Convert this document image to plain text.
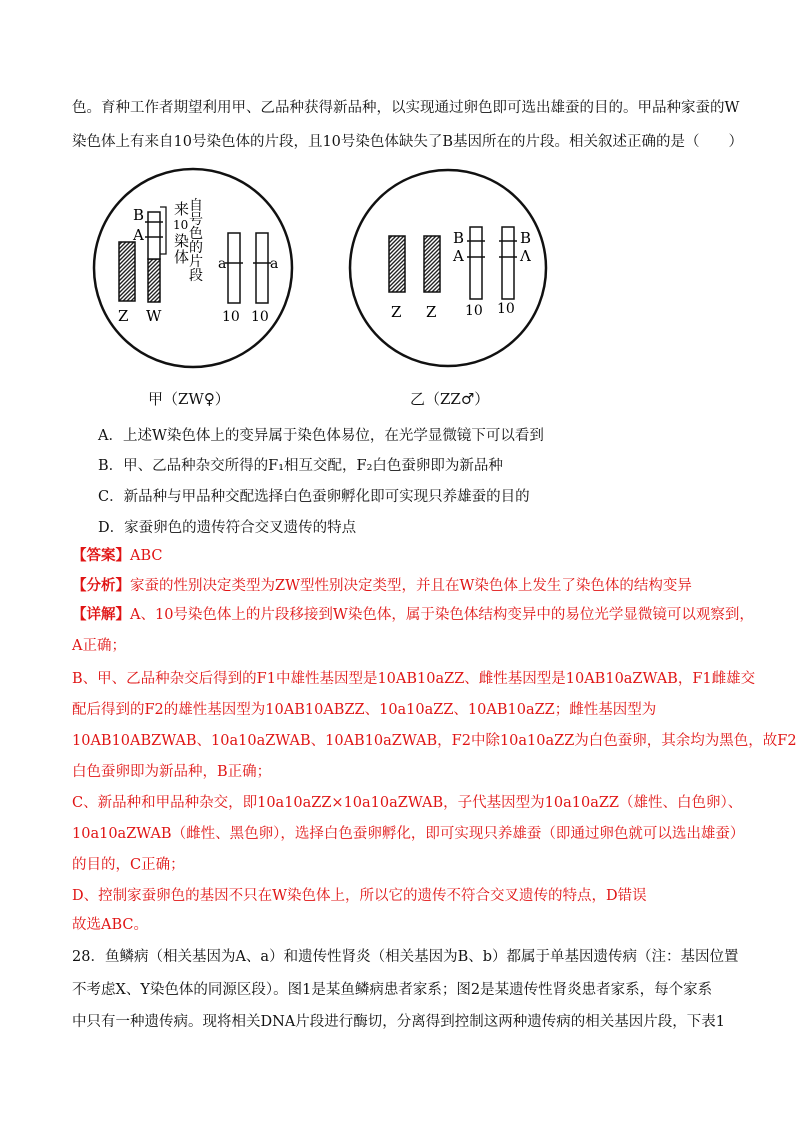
色。育种工作者期望利用甲、乙品种获得新品种，以实现通过卵色即可选出雄蚕的目的。甲品种家蚕的W
染色体上有来自10号染色体的片段，且10号染色体缺失了B基因所在的片段。相关叙述正确的是（　　）
B
A
a	a
Z W	10 10
来
10
染
体
自
号
色
的
片
段
B
A
B
Λ
Z Z 10 10
甲（ZW♀）	乙（ZZ♂）
A．上述W染色体上的变异属于染色体易位，在光学显微镜下可以看到
B．甲、乙品种杂交所得的F₁相互交配，F₂白色蚕卵即为新品种
C．新品种与甲品种交配选择白色蚕卵孵化即可实现只养雄蚕的目的
D．家蚕卵色的遗传符合交叉遗传的特点
【答案】ABC
【分析】家蚕的性别决定类型为ZW型性别决定类型，并且在W染色体上发生了染色体的结构变异
【详解】A、10号染色体上的片段移接到W染色体，属于染色体结构变异中的易位光学显微镜可以观察到，
A正确；
B、甲、乙品种杂交后得到的F1中雄性基因型是10AB10aZZ、雌性基因型是10AB10aZWAB，F1雌雄交
配后得到的F2的雄性基因型为10AB10ABZZ、10a10aZZ、10AB10aZZ；雌性基因型为
10AB10ABZWAB、10a10aZWAB、10AB10aZWAB，F2中除10a10aZZ为白色蚕卵，其余均为黑色，故F2
白色蚕卵即为新品种，B正确；
C、新品种和甲品种杂交，即10a10aZZ×10a10aZWAB，子代基因型为10a10aZZ（雄性、白色卵）、
10a10aZWAB（雌性、黑色卵），选择白色蚕卵孵化，即可实现只养雄蚕（即通过卵色就可以选出雄蚕）
的目的，C正确；
D、控制家蚕卵色的基因不只在W染色体上，所以它的遗传不符合交叉遗传的特点，D错误
故选ABC。
28．鱼鳞病（相关基因为A、a）和遗传性肾炎（相关基因为B、b）都属于单基因遗传病（注：基因位置
不考虑X、Y染色体的同源区段）。图1是某鱼鳞病患者家系；图2是某遗传性肾炎患者家系，每个家系
中只有一种遗传病。现将相关DNA片段进行酶切，分离得到控制这两种遗传病的相关基因片段，下表1
